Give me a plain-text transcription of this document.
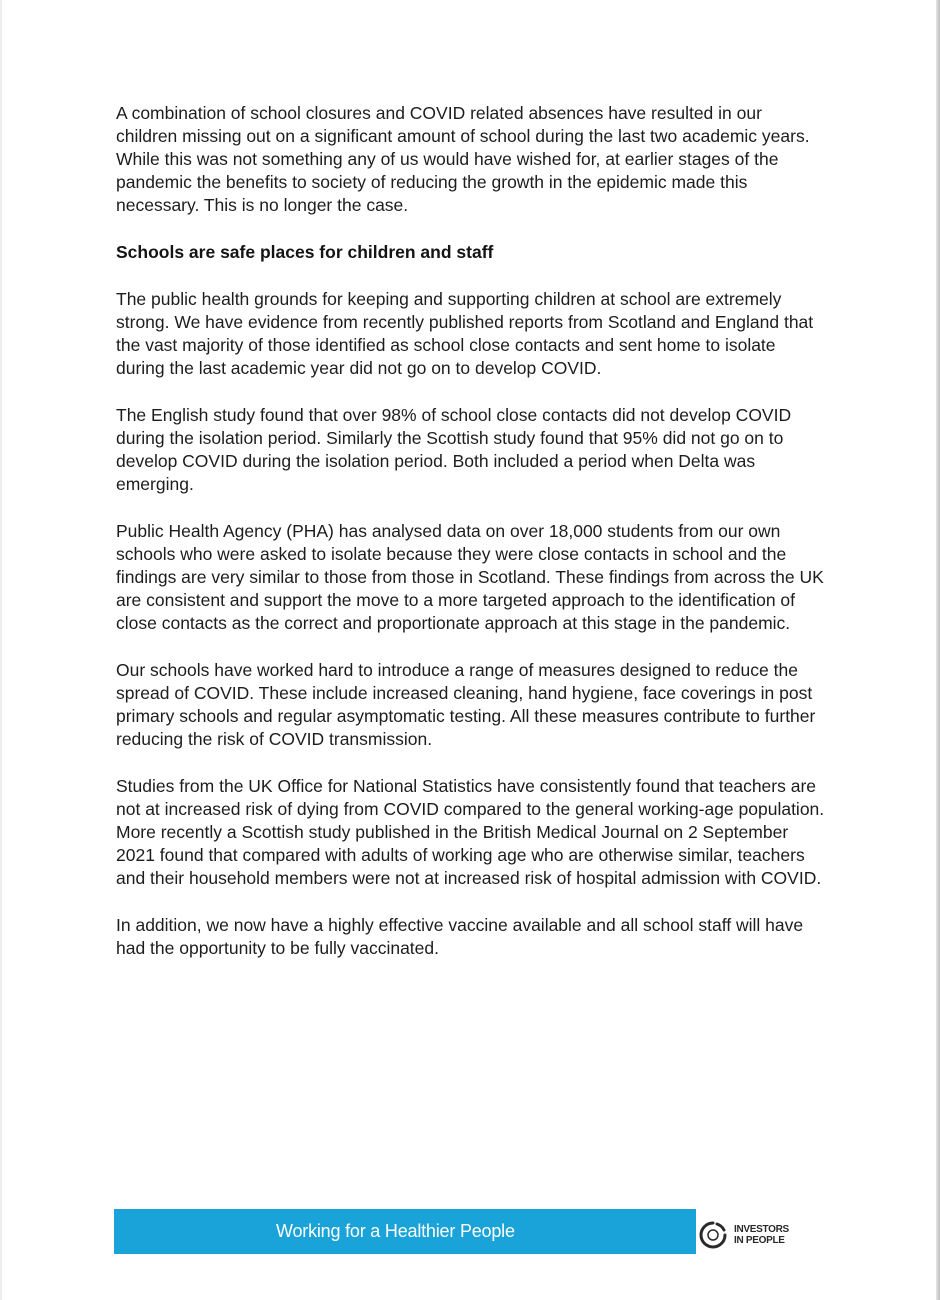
A combination of school closures and COVID related absences have resulted in our children missing out on a significant amount of school during the last two academic years. While this was not something any of us would have wished for, at earlier stages of the pandemic the benefits to society of reducing the growth in the epidemic made this necessary. This is no longer the case.

Schools are safe places for children and staff

The public health grounds for keeping and supporting children at school are extremely strong. We have evidence from recently published reports from Scotland and England that the vast majority of those identified as school close contacts and sent home to isolate during the last academic year did not go on to develop COVID.

The English study found that over 98% of school close contacts did not develop COVID during the isolation period. Similarly the Scottish study found that 95% did not go on to develop COVID during the isolation period. Both included a period when Delta was emerging.

Public Health Agency (PHA) has analysed data on over 18,000 students from our own schools who were asked to isolate because they were close contacts in school and the findings are very similar to those from those in Scotland. These findings from across the UK are consistent and support the move to a more targeted approach to the identification of close contacts as the correct and proportionate approach at this stage in the pandemic.

Our schools have worked hard to introduce a range of measures designed to reduce the spread of COVID. These include increased cleaning, hand hygiene, face coverings in post primary schools and regular asymptomatic testing. All these measures contribute to further reducing the risk of COVID transmission.

Studies from the UK Office for National Statistics have consistently found that teachers are not at increased risk of dying from COVID compared to the general working-age population. More recently a Scottish study published in the British Medical Journal on 2 September 2021 found that compared with adults of working age who are otherwise similar, teachers and their household members were not at increased risk of hospital admission with COVID.

In addition, we now have a highly effective vaccine available and all school staff will have had the opportunity to be fully vaccinated.

Working for a Healthier People	INVESTORS
IN PEOPLE
